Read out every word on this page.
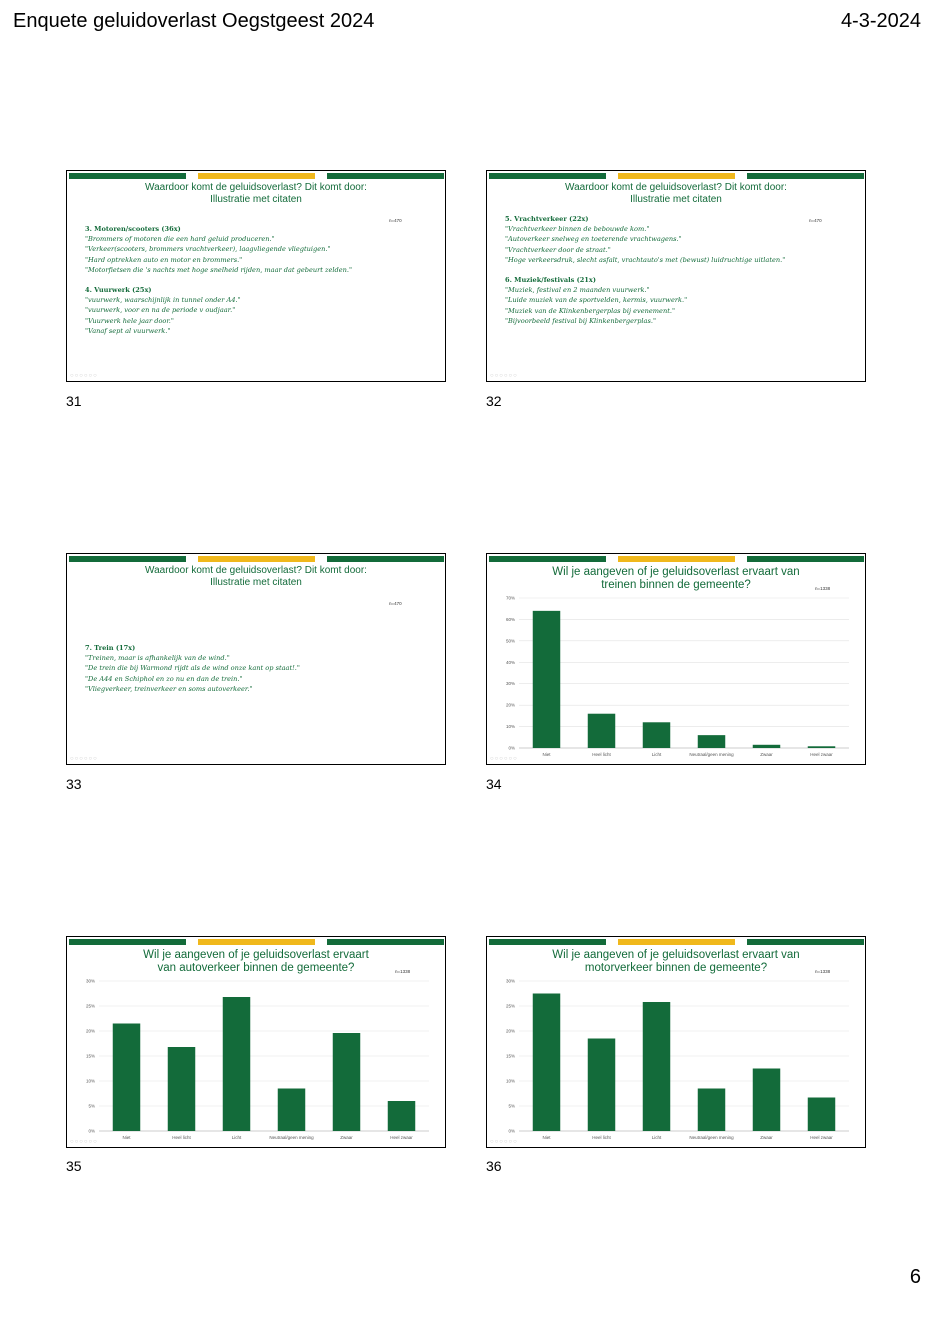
Enquete geluidoverlast Oegstgeest 2024	4-3-2024
Waardoor komt de geluidsoverlast? Dit komt door:
Illustratie met citaten
n=470
3. Motoren/scooters (36x)
"Brommers of motoren die een hard geluid produceren."
"Verkeer(scooters, brommers vrachtverkeer), laagvliegende vliegtuigen."
"Hard optrekken auto en motor en brommers."
"Motorfietsen die 's nachts met hoge snelheid rijden, maar dat gebeurt zelden."
4. Vuurwerk (25x)
"vuurwerk, waarschijnlijk in tunnel onder A4."
"vuurwerk, voor en na de periode v oudjaar."
"Vuurwerk hele jaar door."
"Vanaf sept al vuurwerk."
○○○○○○
31
Waardoor komt de geluidsoverlast? Dit komt door:
Illustratie met citaten
n=470
5. Vrachtverkeer (22x)
"Vrachtverkeer binnen de bebouwde kom."
"Autoverkeer snelweg en toeterende vrachtwagens."
"Vrachtverkeer door de straat."
"Hoge verkeersdruk, slecht asfalt, vrachtauto's met (bewust) luidruchtige uitlaten."
6. Muziek/festivals (21x)
"Muziek, festival en 2 maanden vuurwerk."
"Luide muziek van de sportvelden, kermis, vuurwerk."
"Muziek van de Klinkenbergerplas bij evenement."
"Bijvoorbeeld festival bij Klinkenbergerplas."
○○○○○○
32
Waardoor komt de geluidsoverlast? Dit komt door:
Illustratie met citaten
n=470
7. Trein (17x)
"Treinen, maar is afhankelijk van de wind."
"De trein die bij Warmond rijdt als de wind onze kant op staat!."
"De A44 en Schiphol en zo nu en dan de trein."
"Vliegverkeer, treinverkeer en soms autoverkeer."
○○○○○○
33
Wil je aangeven of je geluidsoverlast ervaart van
treinen binnen de gemeente?	n=1338
0%
10%
20%
30%
40%
50%
60%
70%
Niet	Heel licht	Licht	Neutraal/geen mening	Zwaar	Heel zwaar
○○○○○○
34
Wil je aangeven of je geluidsoverlast ervaart
van autoverkeer binnen de gemeente?	n=1338
0%
5%
10%
15%
20%
25%
30%
Niet	Heel licht	Licht	Neutraal/geen mening	Zwaar	Heel zwaar
○○○○○○
35
Wil je aangeven of je geluidsoverlast ervaart van
motorverkeer binnen de gemeente?	n=1338
0%
5%
10%
15%
20%
25%
30%
Niet	Heel licht	Licht	Neutraal/geen mening	Zwaar	Heel zwaar
○○○○○○
36
6
